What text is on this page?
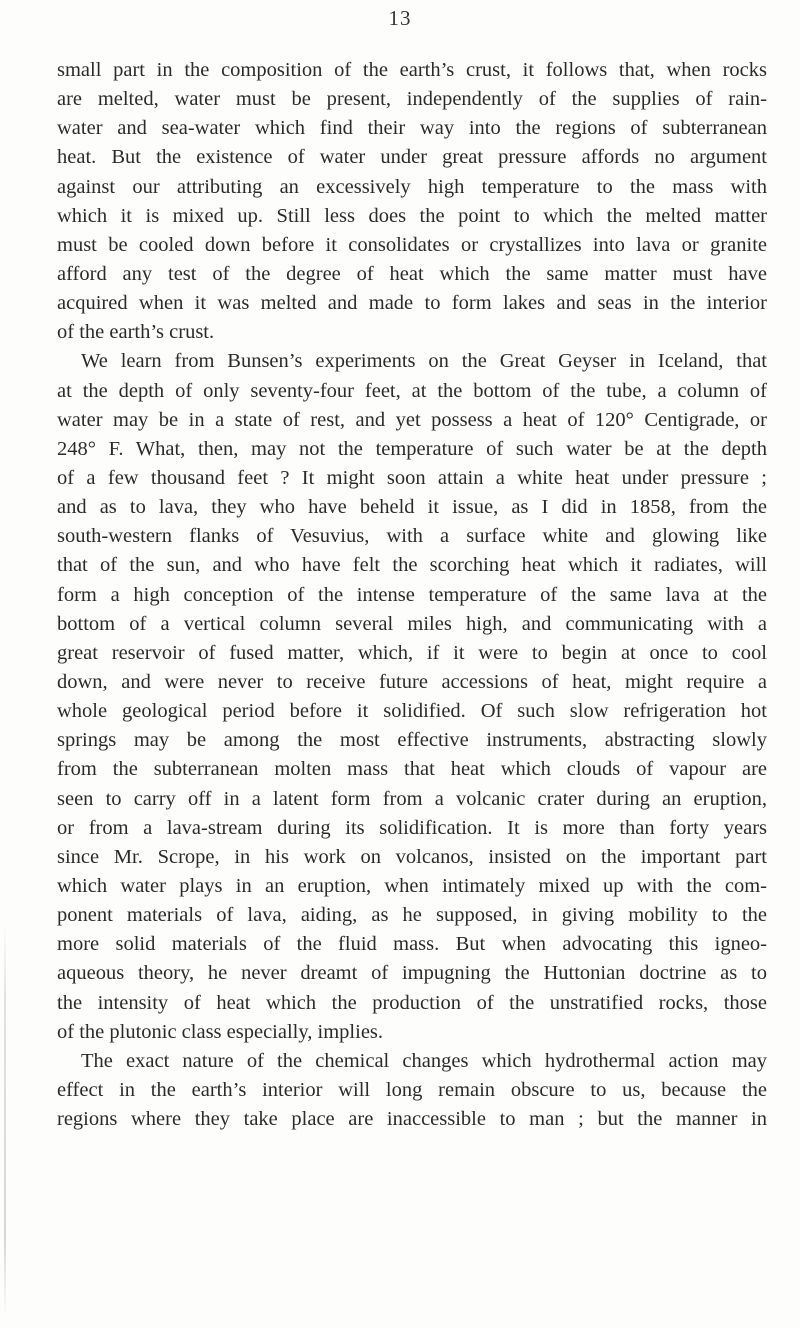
13
small part in the composition of the earth’s crust, it follows that, when rocks
are melted, water must be present, independently of the supplies of rain-
water and sea-water which find their way into the regions of subterranean
heat. But the existence of water under great pressure affords no argument
against our attributing an excessively high temperature to the mass with
which it is mixed up. Still less does the point to which the melted matter
must be cooled down before it consolidates or crystallizes into lava or granite
afford any test of the degree of heat which the same matter must have
acquired when it was melted and made to form lakes and seas in the interior
of the earth’s crust.
We learn from Bunsen’s experiments on the Great Geyser in Iceland, that
at the depth of only seventy-four feet, at the bottom of the tube, a column of
water may be in a state of rest, and yet possess a heat of 120° Centigrade, or
248° F. What, then, may not the temperature of such water be at the depth
of a few thousand feet ? It might soon attain a white heat under pressure ;
and as to lava, they who have beheld it issue, as I did in 1858, from the
south-western flanks of Vesuvius, with a surface white and glowing like
that of the sun, and who have felt the scorching heat which it radiates, will
form a high conception of the intense temperature of the same lava at the
bottom of a vertical column several miles high, and communicating with a
great reservoir of fused matter, which, if it were to begin at once to cool
down, and were never to receive future accessions of heat, might require a
whole geological period before it solidified. Of such slow refrigeration hot
springs may be among the most effective instruments, abstracting slowly
from the subterranean molten mass that heat which clouds of vapour are
seen to carry off in a latent form from a volcanic crater during an eruption,
or from a lava-stream during its solidification. It is more than forty years
since Mr. Scrope, in his work on volcanos, insisted on the important part
which water plays in an eruption, when intimately mixed up with the com-
ponent materials of lava, aiding, as he supposed, in giving mobility to the
more solid materials of the fluid mass. But when advocating this igneo-
aqueous theory, he never dreamt of impugning the Huttonian doctrine as to
the intensity of heat which the production of the unstratified rocks, those
of the plutonic class especially, implies.
The exact nature of the chemical changes which hydrothermal action may
effect in the earth’s interior will long remain obscure to us, because the
regions where they take place are inaccessible to man ; but the manner in
